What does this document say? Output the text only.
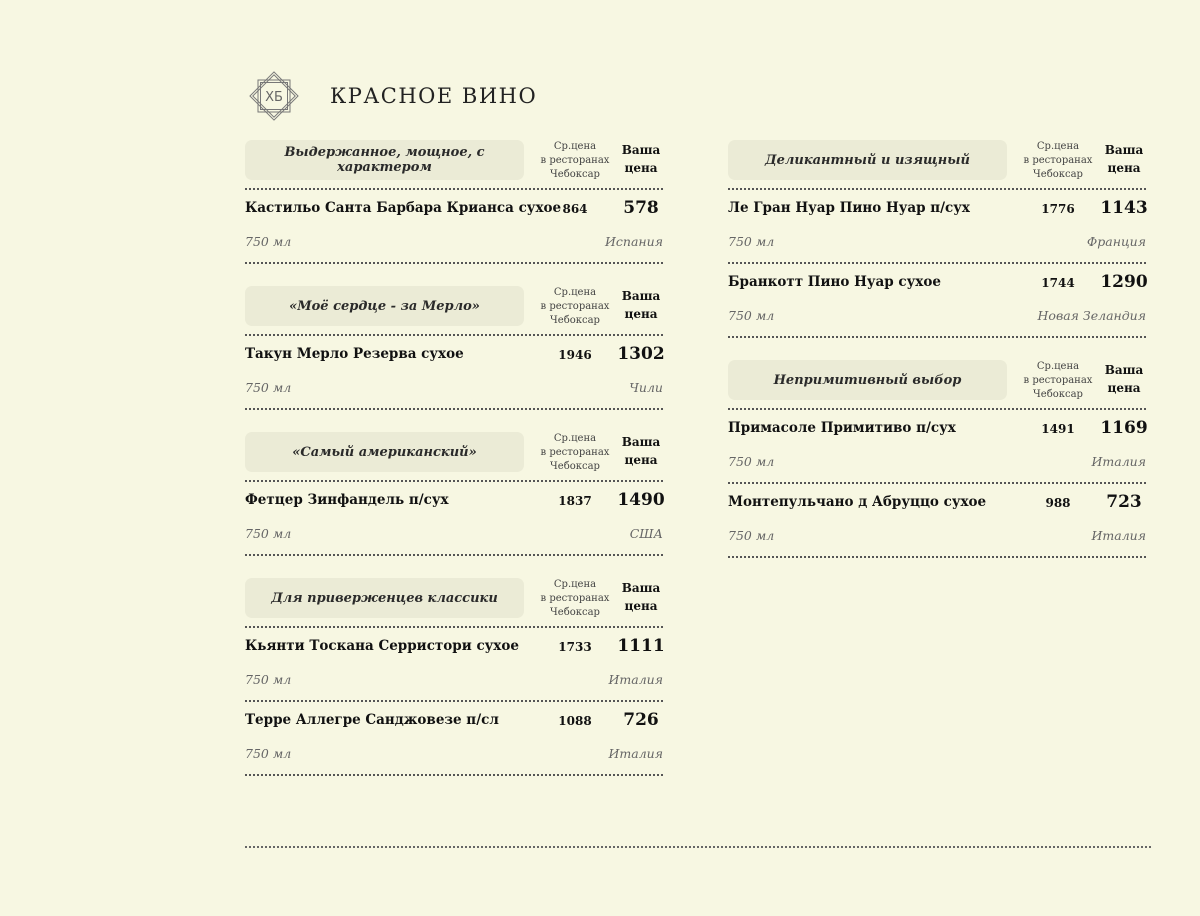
ХБ КРАСНОЕ ВИНО
Выдержанное, мощное, с характером
Ср.цена
в ресторанах
Чебоксар
Ваша
цена
Кастильо Санта Барбара Крианса сухое 864	578
750 мл	Испания
«Моё сердце - за Мерло»
Ср.цена
в ресторанах
Чебоксар
Ваша
цена
Такун Мерло Резерва сухое	1946	1302
750 мл	Чили
«Самый американский»
Ср.цена
в ресторанах
Чебоксар
Ваша
цена
Фетцер Зинфандель п/сух	1837	1490
750 мл	США
Для приверженцев классики
Ср.цена
в ресторанах
Чебоксар
Ваша
цена
Кьянти Тоскана Серристори сухое	1733	1111
750 мл	Италия
Терре Аллегре Санджовезе п/сл	1088	726
750 мл	Италия
Деликантный и изящный
Ср.цена
в ресторанах
Чебоксар
Ваша
цена
Ле Гран Нуар Пино Нуар п/сух	1776	1143
750 мл	Франция
Бранкотт Пино Нуар сухое	1744	1290
750 мл	Новая Зеландия
Непримитивный выбор
Ср.цена
в ресторанах
Чебоксар
Ваша
цена
Примасоле Примитиво п/сух	1491	1169
750 мл	Италия
Монтепульчано д Абруццо сухое	988	723
750 мл	Италия
